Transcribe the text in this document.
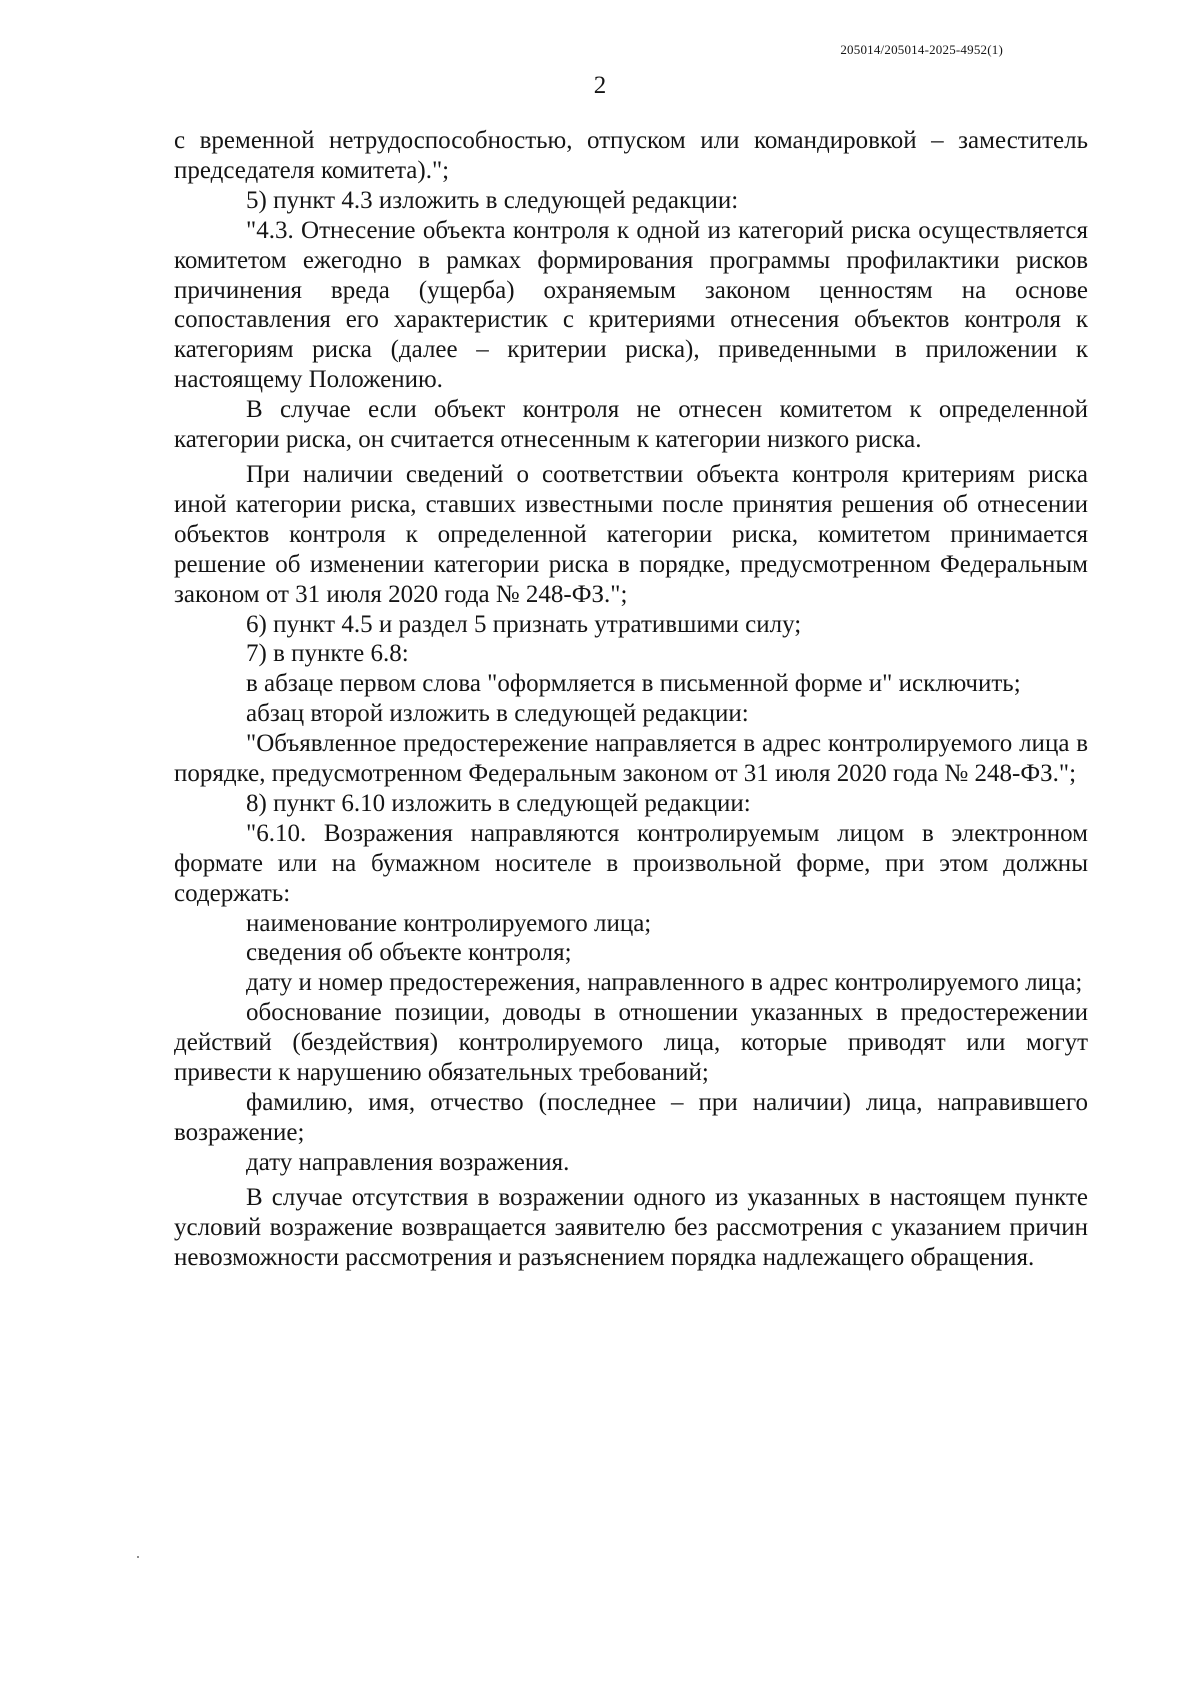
205014/205014-2025-4952(1)
2

с временной нетрудоспособностью, отпуском или командировкой – заместитель председателя комитета).";

5) пункт 4.3 изложить в следующей редакции:

"4.3. Отнесение объекта контроля к одной из категорий риска осуществляется комитетом ежегодно в рамках формирования программы профилактики рисков причинения вреда (ущерба) охраняемым законом ценностям на основе сопоставления его характеристик с критериями отнесения объектов контроля к категориям риска (далее – критерии риска), приведенными в приложении к настоящему Положению.

В случае если объект контроля не отнесен комитетом к определенной категории риска, он считается отнесенным к категории низкого риска.

При наличии сведений о соответствии объекта контроля критериям риска иной категории риска, ставших известными после принятия решения об отнесении объектов контроля к определенной категории риска, комитетом принимается решение об изменении категории риска в порядке, предусмотренном Федеральным законом от 31 июля 2020 года № 248-ФЗ.";

6) пункт 4.5 и раздел 5 признать утратившими силу;

7) в пункте 6.8:

в абзаце первом слова "оформляется в письменной форме и" исключить;

абзац второй изложить в следующей редакции:

"Объявленное предостережение направляется в адрес контролируемого лица в порядке, предусмотренном Федеральным законом от 31 июля 2020 года № 248-ФЗ.";

8) пункт 6.10 изложить в следующей редакции:

"6.10. Возражения направляются контролируемым лицом в электронном формате или на бумажном носителе в произвольной форме, при этом должны содержать:

наименование контролируемого лица;

сведения об объекте контроля;

дату и номер предостережения, направленного в адрес контролируемого лица;

обоснование позиции, доводы в отношении указанных в предостережении действий (бездействия) контролируемого лица, которые приводят или могут привести к нарушению обязательных требований;

фамилию, имя, отчество (последнее – при наличии) лица, направившего возражение;

дату направления возражения.

В случае отсутствия в возражении одного из указанных в настоящем пункте условий возражение возвращается заявителю без рассмотрения с указанием причин невозможности рассмотрения и разъяснением порядка надлежащего обращения.
